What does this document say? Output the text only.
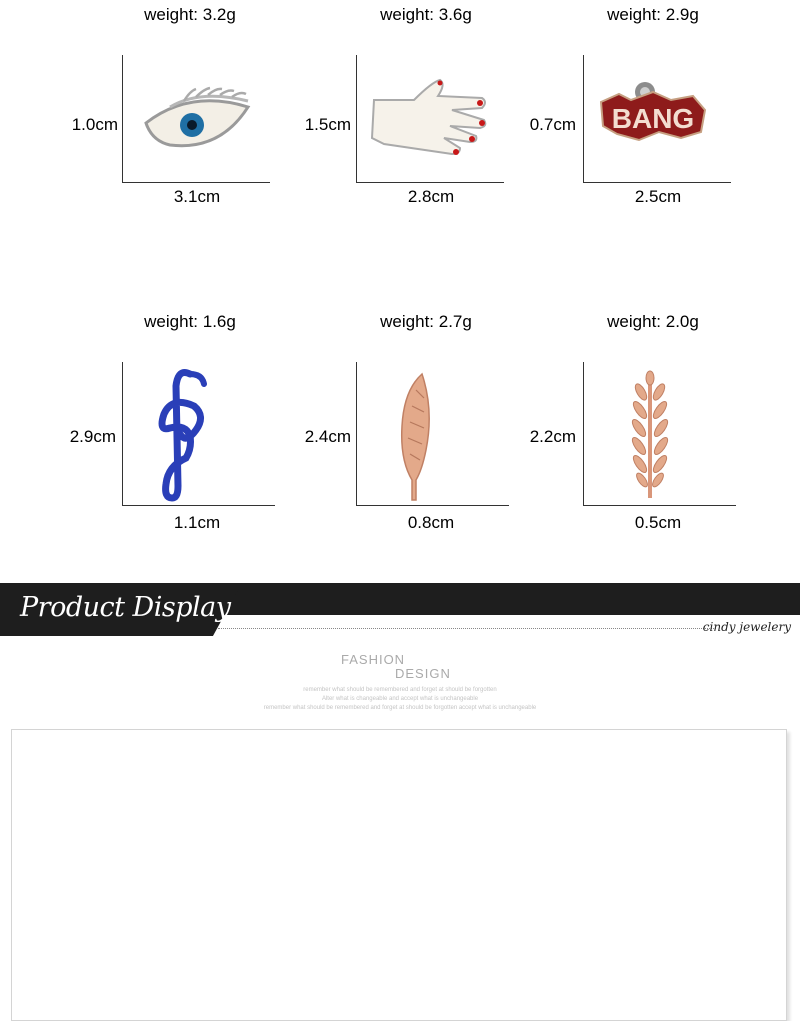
weight: 3.2g
1.0cm
3.1cm
weight: 3.6g
1.5cm
2.8cm
weight: 2.9g
0.7cm
2.5cm
BANG
weight: 1.6g
2.9cm
1.1cm
weight: 2.7g
2.4cm
0.8cm
weight: 2.0g
2.2cm
0.5cm
Product Display
cindy jewelery
FASHION
DESIGN
remember what should be remembered and forget at should be forgotten
Alter what is changeable and accept what is unchangeable
remember what should be remembered and forget at should be forgotten accept what is unchangeable
